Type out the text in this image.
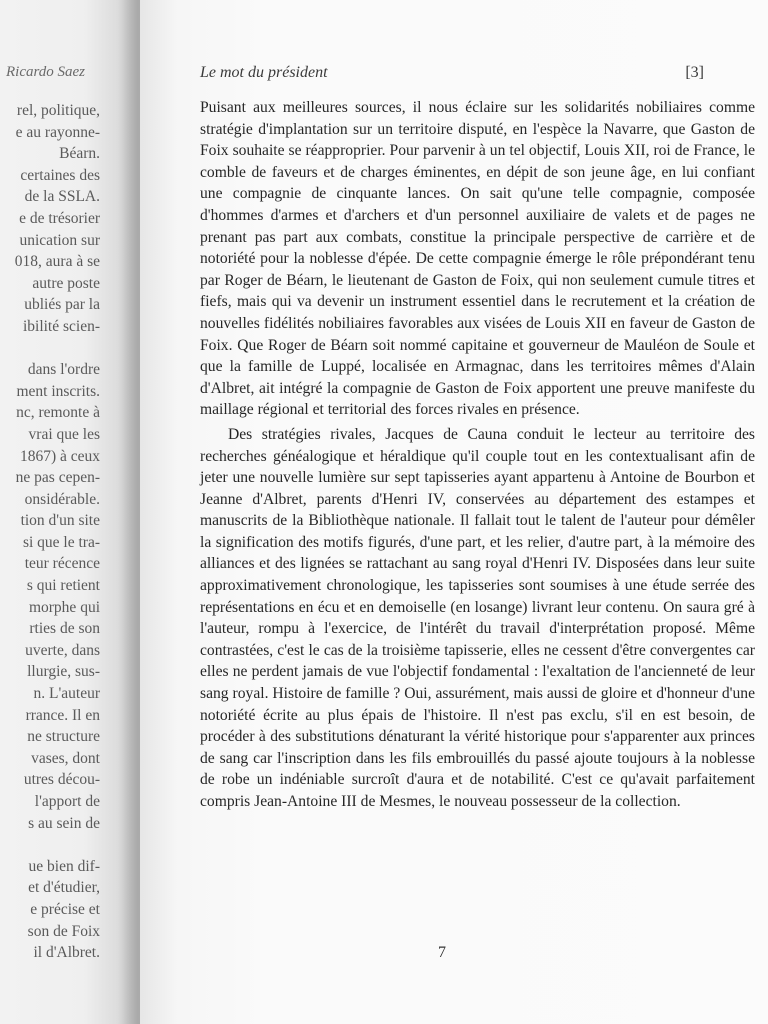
Ricardo Saez
rel, politique,
e au rayonne-
Béarn.
certaines des
de la SSLA.
e de trésorier
unication sur
018, aura à se
autre poste
ubliés par la
ibilité scien-
dans l'ordre
ment inscrits.
nc, remonte à
vrai que les
1867) à ceux
ne pas cepen-
onsidérable.
tion d'un site
si que le tra-
teur récence
s qui retient
morphe qui
rties de son
uverte, dans
llurgie, sus-
n. L'auteur
rrance. Il en
ne structure
vases, dont
utres décou-
l'apport de
s au sein de
ue bien dif-
et d'étudier,
e précise et
son de Foix
il d'Albret.
Le mot du président	[3]

Puisant aux meilleures sources, il nous éclaire sur les solidarités nobiliaires comme stratégie d'implantation sur un territoire disputé, en l'espèce la Navarre, que Gaston de Foix souhaite se réapproprier. Pour parvenir à un tel objectif, Louis XII, roi de France, le comble de faveurs et de charges éminentes, en dépit de son jeune âge, en lui confiant une compagnie de cinquante lances. On sait qu'une telle compagnie, composée d'hommes d'armes et d'archers et d'un personnel auxiliaire de valets et de pages ne prenant pas part aux combats, constitue la principale perspective de carrière et de notoriété pour la noblesse d'épée. De cette compagnie émerge le rôle prépondérant tenu par Roger de Béarn, le lieutenant de Gaston de Foix, qui non seulement cumule titres et fiefs, mais qui va devenir un instrument essentiel dans le recrutement et la création de nouvelles fidélités nobiliaires favorables aux visées de Louis XII en faveur de Gaston de Foix. Que Roger de Béarn soit nommé capitaine et gouverneur de Mauléon de Soule et que la famille de Luppé, localisée en Armagnac, dans les territoires mêmes d'Alain d'Albret, ait intégré la compagnie de Gaston de Foix apportent une preuve manifeste du maillage régional et territorial des forces rivales en présence.

Des stratégies rivales, Jacques de Cauna conduit le lecteur au territoire des recherches généalogique et héraldique qu'il couple tout en les contextualisant afin de jeter une nouvelle lumière sur sept tapisseries ayant appartenu à Antoine de Bourbon et Jeanne d'Albret, parents d'Henri IV, conservées au département des estampes et manuscrits de la Bibliothèque nationale. Il fallait tout le talent de l'auteur pour démêler la signification des motifs figurés, d'une part, et les relier, d'autre part, à la mémoire des alliances et des lignées se rattachant au sang royal d'Henri IV. Disposées dans leur suite approximativement chronologique, les tapisseries sont soumises à une étude serrée des représentations en écu et en demoiselle (en losange) livrant leur contenu. On saura gré à l'auteur, rompu à l'exercice, de l'intérêt du travail d'interprétation proposé. Même contrastées, c'est le cas de la troisième tapisserie, elles ne cessent d'être convergentes car elles ne perdent jamais de vue l'objectif fondamental : l'exaltation de l'ancienneté de leur sang royal. Histoire de famille ? Oui, assurément, mais aussi de gloire et d'honneur d'une notoriété écrite au plus épais de l'histoire. Il n'est pas exclu, s'il en est besoin, de procéder à des substitutions dénaturant la vérité historique pour s'apparenter aux princes de sang car l'inscription dans les fils embrouillés du passé ajoute toujours à la noblesse de robe un indéniable surcroît d'aura et de notabilité. C'est ce qu'avait parfaitement compris Jean-Antoine III de Mesmes, le nouveau possesseur de la collection.

7
